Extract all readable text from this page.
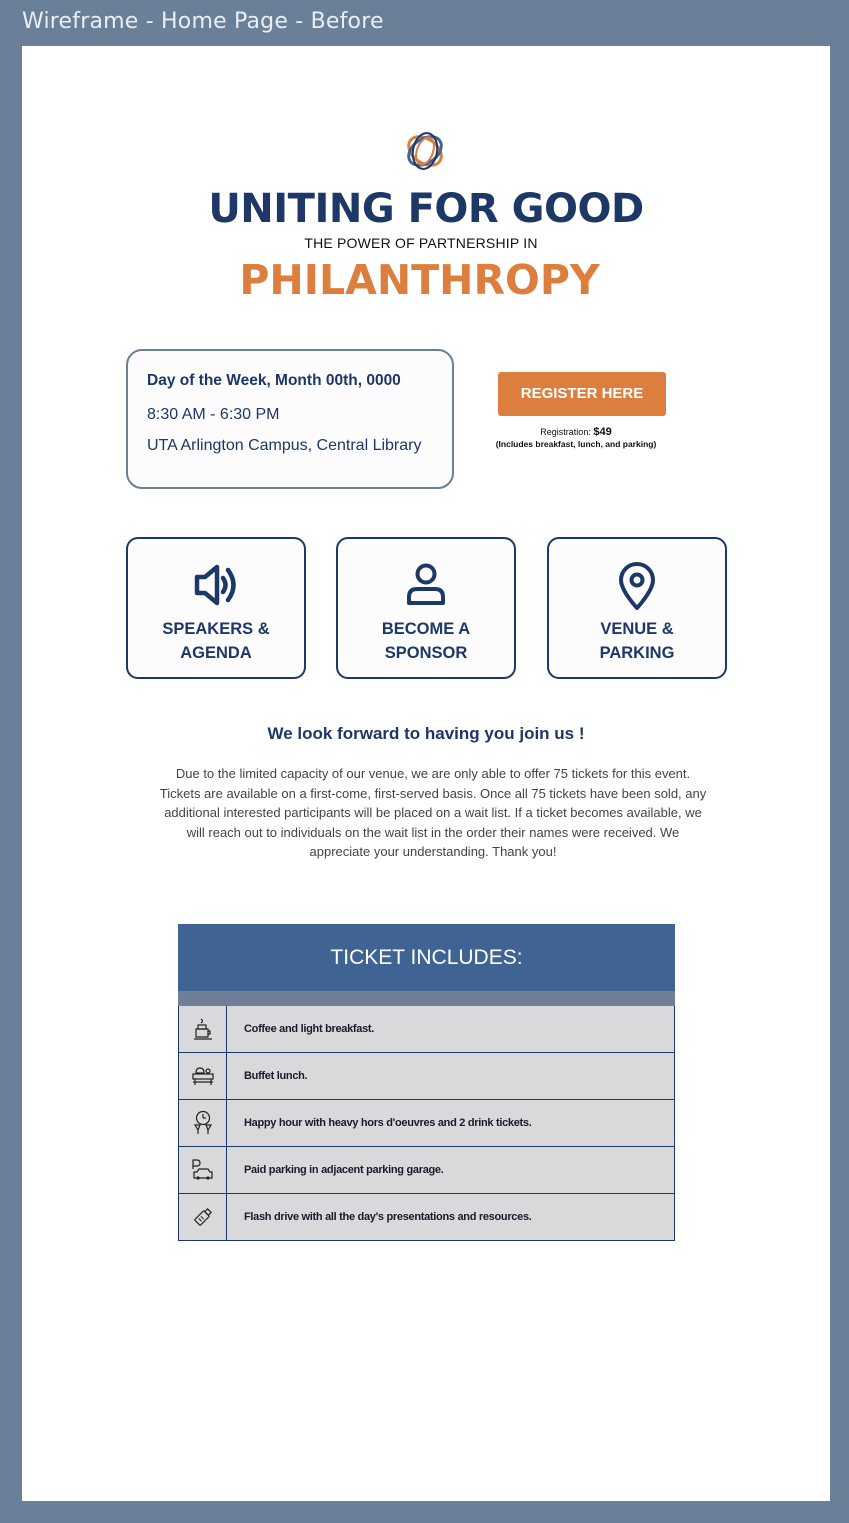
Wireframe - Home Page - Before
UNITING FOR GOOD
THE POWER OF PARTNERSHIP IN
PHILANTHROPY
Day of the Week, Month 00th, 0000
8:30 AM - 6:30 PM
UTA Arlington Campus, Central Library
REGISTER HERE
Registration: $49
(Includes breakfast, lunch, and parking)
SPEAKERS &
AGENDA
BECOME A
SPONSOR
VENUE &
PARKING
We look forward to having you join us !
Due to the limited capacity of our venue, we are only able to offer 75 tickets for this event. Tickets are available on a first-come, first-served basis. Once all 75 tickets have been sold, any additional interested participants will be placed on a wait list. If a ticket becomes available, we will reach out to individuals on the wait list in the order their names were received. We appreciate your understanding. Thank you!
TICKET INCLUDES:
Coffee and light breakfast.
Buffet lunch.
Happy hour with heavy hors d'oeuvres and 2 drink tickets.
Paid parking in adjacent parking garage.
Flash drive with all the day's presentations and resources.
